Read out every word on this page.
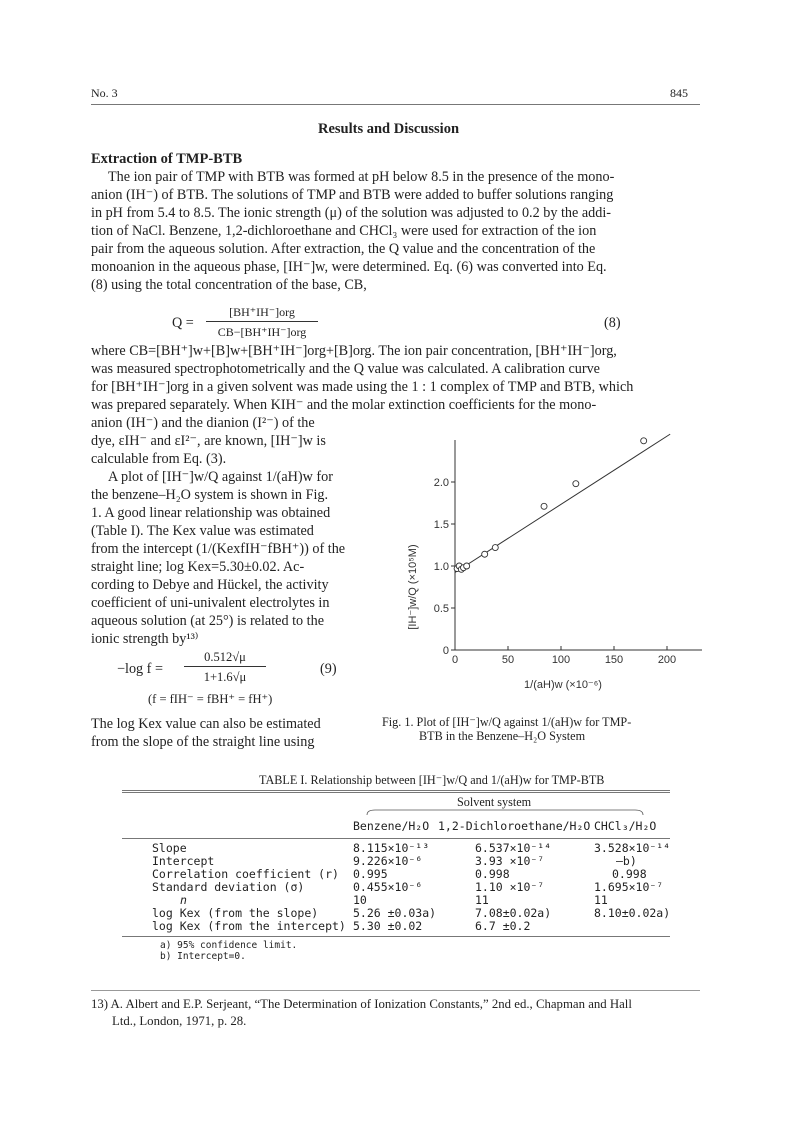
No. 3	845
Results and Discussion
Extraction of TMP-BTB
The ion pair of TMP with BTB was formed at pH below 8.5 in the presence of the mono-
anion (IH⁻) of BTB. The solutions of TMP and BTB were added to buffer solutions ranging
in pH from 5.4 to 8.5. The ionic strength (μ) of the solution was adjusted to 0.2 by the addi-
tion of NaCl. Benzene, 1,2-dichloroethane and CHCl₃ were used for extraction of the ion
pair from the aqueous solution. After extraction, the Q value and the concentration of the
monoanion in the aqueous phase, [IH⁻]w, were determined. Eq. (6) was converted into Eq.
(8) using the total concentration of the base, CB,
Q =
[BH⁺IH⁻]org
CB−[BH⁺IH⁻]org
(8)
where CB=[BH⁺]w+[B]w+[BH⁺IH⁻]org+[B]org. The ion pair concentration, [BH⁺IH⁻]org,
was measured spectrophotometrically and the Q value was calculated. A calibration curve
for [BH⁺IH⁻]org in a given solvent was made using the 1 : 1 complex of TMP and BTB, which
was prepared separately. When KIH⁻ and the molar extinction coefficients for the mono-
anion (IH⁻) and the dianion (I²⁻) of the
dye, εIH⁻ and εI²⁻, are known, [IH⁻]w is
calculable from Eq. (3).
A plot of [IH⁻]w/Q against 1/(aH)w for
the benzene–H₂O system is shown in Fig.
1. A good linear relationship was obtained
(Table I). The Kex value was estimated
from the intercept (1/(KexfIH⁻fBH⁺)) of the
straight line; log Kex=5.30±0.02. Ac-
cording to Debye and Hückel, the activity
coefficient of uni-univalent electrolytes in
aqueous solution (at 25°) is related to the
ionic strength by¹³⁾
−log f =
0.512√μ
1+1.6√μ	(9)
(f = fIH⁻ = fBH⁺ = fH⁺)
The log Kex value can also be estimated
from the slope of the straight line using
0
0.5
1.0
1.5
2.0
0	50	100	150	200
[IH⁻]w/Q (×10⁵M)
1/(aH)w (×10⁻⁶)
Fig. 1. Plot of [IH⁻]w/Q against 1/(aH)w for TMP-
BTB in the Benzene–H₂O System
TABLE I. Relationship between [IH⁻]w/Q and 1/(aH)w for TMP-BTB
Solvent system
Benzene/H₂O 1,2-Dichloroethane/H₂O CHCl₃/H₂O
Slope	8.115×10⁻¹³	6.537×10⁻¹⁴	3.528×10⁻¹⁴
Intercept	9.226×10⁻⁶	3.93 ×10⁻⁷	—b)
Correlation coefficient (r) 0.995	0.998	0.998
Standard deviation (σ)	0.455×10⁻⁶	1.10 ×10⁻⁷	1.695×10⁻⁷
n	10	11	11
log Kex (from the slope)	5.26 ±0.03a)	7.08±0.02a)	8.10±0.02a)
log Kex (from the intercept) 5.30 ±0.02	6.7 ±0.2
a) 95% confidence limit.
b) Intercept=0.
13) A. Albert and E.P. Serjeant, “The Determination of Ionization Constants,” 2nd ed., Chapman and Hall
Ltd., London, 1971, p. 28.
